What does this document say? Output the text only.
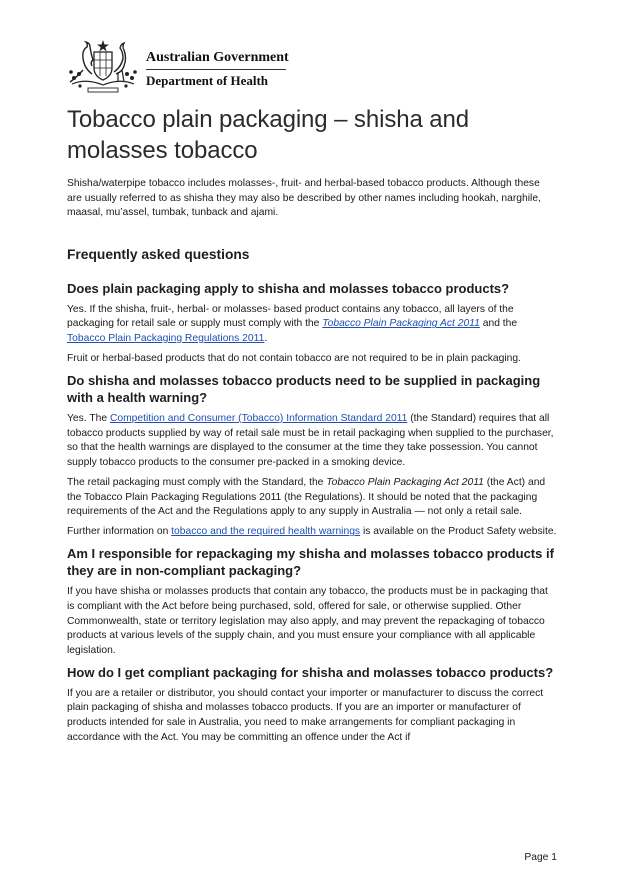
Australian Government
Department of Health
Tobacco plain packaging – shisha and molasses tobacco

Shisha/waterpipe tobacco includes molasses-, fruit- and herbal-based tobacco products. Although these are usually referred to as shisha they may also be described by other names including hookah, narghile, maasal, mu’assel, tumbak, tunback and ajami.

Frequently asked questions
Does plain packaging apply to shisha and molasses tobacco products?

Yes. If the shisha, fruit-, herbal- or molasses- based product contains any tobacco, all layers of the packaging for retail sale or supply must comply with the Tobacco Plain Packaging Act 2011 and the Tobacco Plain Packaging Regulations 2011.

Fruit or herbal-based products that do not contain tobacco are not required to be in plain packaging.

Do shisha and molasses tobacco products need to be supplied in packaging with a health warning?

Yes. The Competition and Consumer (Tobacco) Information Standard 2011 (the Standard) requires that all tobacco products supplied by way of retail sale must be in retail packaging when supplied to the purchaser, so that the health warnings are displayed to the consumer at the time they take possession. You cannot supply tobacco products to the consumer pre-packed in a smoking device.

The retail packaging must comply with the Standard, the Tobacco Plain Packaging Act 2011 (the Act) and the Tobacco Plain Packaging Regulations 2011 (the Regulations). It should be noted that the packaging requirements of the Act and the Regulations apply to any supply in Australia — not only a retail sale.

Further information on tobacco and the required health warnings is available on the Product Safety website.

Am I responsible for repackaging my shisha and molasses tobacco products if they are in non-compliant packaging?

If you have shisha or molasses products that contain any tobacco, the products must be in packaging that is compliant with the Act before being purchased, sold, offered for sale, or otherwise supplied. Other Commonwealth, state or territory legislation may also apply, and may prevent the repackaging of tobacco products at various levels of the supply chain, and you must ensure your compliance with all applicable legislation.

How do I get compliant packaging for shisha and molasses tobacco products?

If you are a retailer or distributor, you should contact your importer or manufacturer to discuss the correct plain packaging of shisha and molasses tobacco products. If you are an importer or manufacturer of products intended for sale in Australia, you need to make arrangements for compliant packaging in accordance with the Act. You may be committing an offence under the Act if

Page 1
